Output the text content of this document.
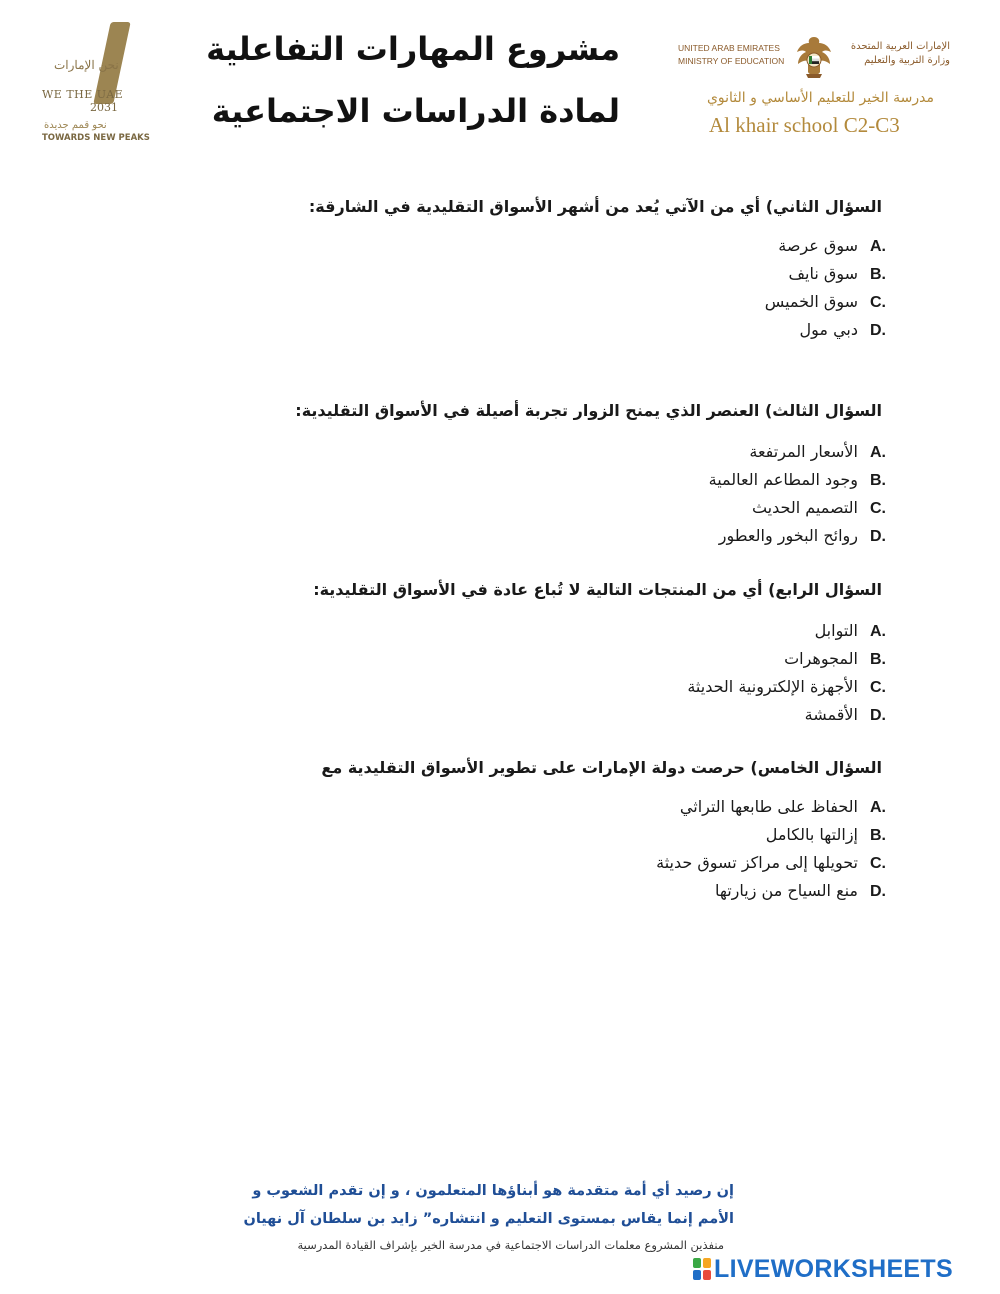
نحن الإمارات
WE THE UAE
2031
نحو قمم جديدة
TOWARDS NEW PEAKS
مشروع المهارات التفاعلية
لمادة الدراسات الاجتماعية
UNITED ARAB EMIRATES
MINISTRY OF EDUCATION
الإمارات العربية المتحدة
وزارة التربية والتعليم
مدرسة الخير للتعليم الأساسي و الثانوي
Al khair school C2-C3
السؤال الثاني) أي من الآتي يُعد من أشهر الأسواق التقليدية في الشارقة:
A.سوق عرصة
B.سوق نايف
C.سوق الخميس
D.دبي مول
السؤال الثالث) العنصر الذي يمنح الزوار تجربة أصيلة في الأسواق التقليدية:
A.الأسعار المرتفعة
B.وجود المطاعم العالمية
C.التصميم الحديث
D.روائح البخور والعطور
السؤال الرابع) أي من المنتجات التالية لا تُباع عادة في الأسواق التقليدية:
A.التوابل
B.المجوهرات
C.الأجهزة الإلكترونية الحديثة
D.الأقمشة
السؤال الخامس) حرصت دولة الإمارات على تطوير الأسواق التقليدية مع
A.الحفاظ على طابعها التراثي
B.إزالتها بالكامل
C.تحويلها إلى مراكز تسوق حديثة
D.منع السياح من زيارتها
إن رصيد أي أمة متقدمة هو أبناؤها المتعلمون ، و إن تقدم الشعوب و
الأمم إنما يقاس بمستوى التعليم و انتشاره” زايد بن سلطان آل نهيان
منفذين المشروع معلمات الدراسات الاجتماعية في مدرسة الخير بإشراف القيادة المدرسية
LIVEWORKSHEETS
